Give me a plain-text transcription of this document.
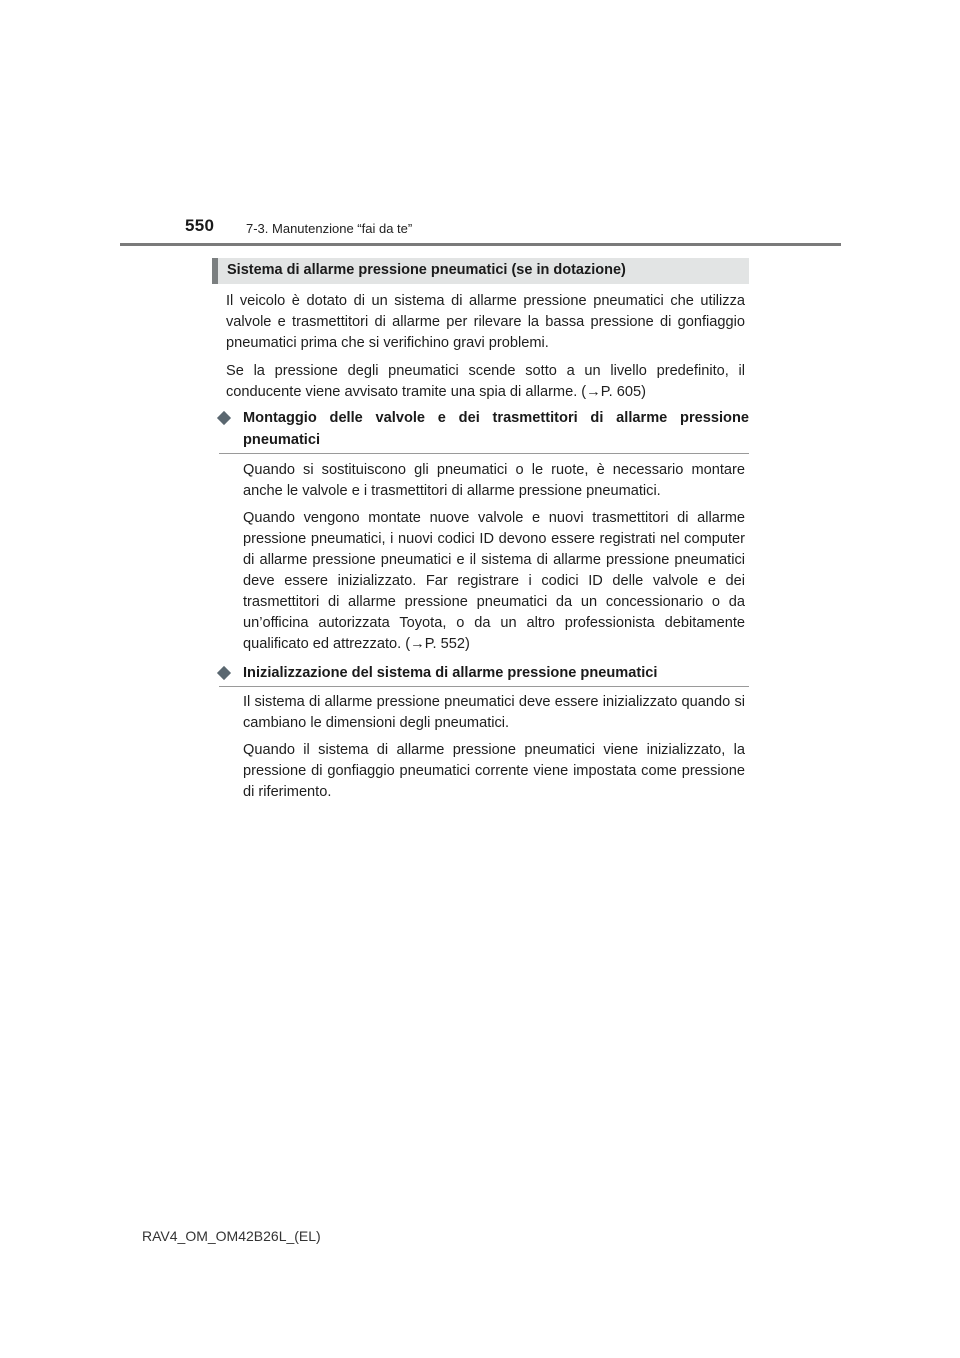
550 7-3. Manutenzione “fai da te”
Sistema di allarme pressione pneumatici (se in dotazione)

Il veicolo è dotato di un sistema di allarme pressione pneumatici che utilizza valvole e trasmettitori di allarme per rilevare la bassa pressione di gonfiaggio pneumatici prima che si verifichino gravi problemi.

Se la pressione degli pneumatici scende sotto a un livello predefinito, il conducente viene avvisato tramite una spia di allarme. (→P. 605)

Montaggio delle valvole e dei trasmettitori di allarme pressione pneumatici

Quando si sostituiscono gli pneumatici o le ruote, è necessario montare anche le valvole e i trasmettitori di allarme pressione pneumatici.

Quando vengono montate nuove valvole e nuovi trasmettitori di allarme pressione pneumatici, i nuovi codici ID devono essere registrati nel computer di allarme pressione pneumatici e il sistema di allarme pressione pneumatici deve essere inizializzato. Far registrare i codici ID delle valvole e dei trasmettitori di allarme pressione pneumatici da un concessionario o da un’officina autorizzata Toyota, o da un altro professionista debitamente qualificato ed attrezzato. (→P. 552)

Inizializzazione del sistema di allarme pressione pneumatici

Il sistema di allarme pressione pneumatici deve essere inizializzato quando si cambiano le dimensioni degli pneumatici.

Quando il sistema di allarme pressione pneumatici viene inizializzato, la pressione di gonfiaggio pneumatici corrente viene impostata come pressione di riferimento.

RAV4_OM_OM42B26L_(EL)
